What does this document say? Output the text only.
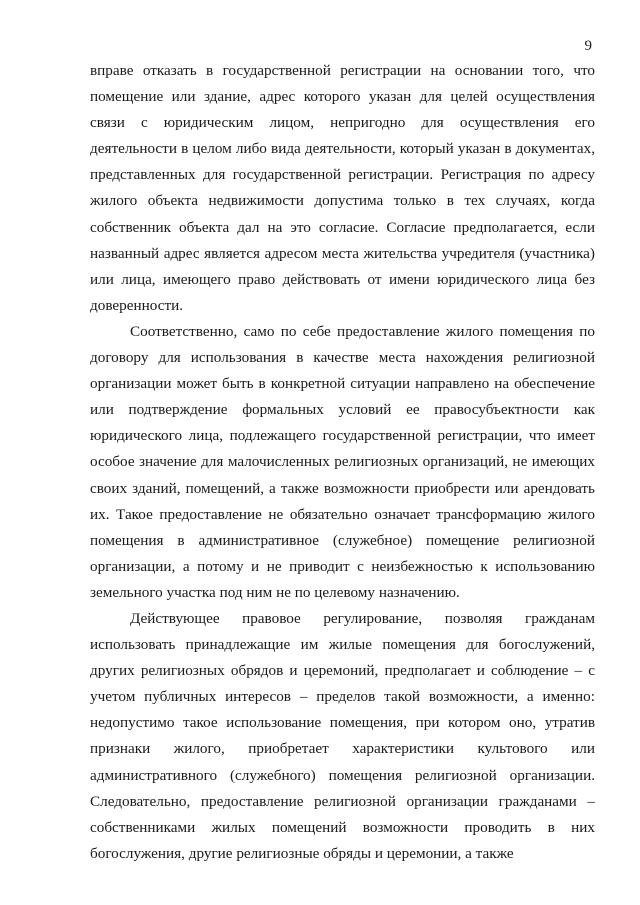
9

вправе отказать в государственной регистрации на основании того, что помещение или здание, адрес которого указан для целей осуществления связи с юридическим лицом, непригодно для осуществления его деятельности в целом либо вида деятельности, который указан в документах, представленных для государственной регистрации. Регистрация по адресу жилого объекта недвижимости допустима только в тех случаях, когда собственник объекта дал на это согласие. Согласие предполагается, если названный адрес является адресом места жительства учредителя (участника) или лица, имеющего право действовать от имени юридического лица без доверенности.

Соответственно, само по себе предоставление жилого помещения по договору для использования в качестве места нахождения религиозной организации может быть в конкретной ситуации направлено на обеспечение или подтверждение формальных условий ее правосубъектности как юридического лица, подлежащего государственной регистрации, что имеет особое значение для малочисленных религиозных организаций, не имеющих своих зданий, помещений, а также возможности приобрести или арендовать их. Такое предоставление не обязательно означает трансформацию жилого помещения в административное (служебное) помещение религиозной организации, а потому и не приводит с неизбежностью к использованию земельного участка под ним не по целевому назначению.

Действующее правовое регулирование, позволяя гражданам использовать принадлежащие им жилые помещения для богослужений, других религиозных обрядов и церемоний, предполагает и соблюдение – с учетом публичных интересов – пределов такой возможности, а именно: недопустимо такое использование помещения, при котором оно, утратив признаки жилого, приобретает характеристики культового или административного (служебного) помещения религиозной организации. Следовательно, предоставление религиозной организации гражданами – собственниками жилых помещений возможности проводить в них богослужения, другие религиозные обряды и церемонии, а также
